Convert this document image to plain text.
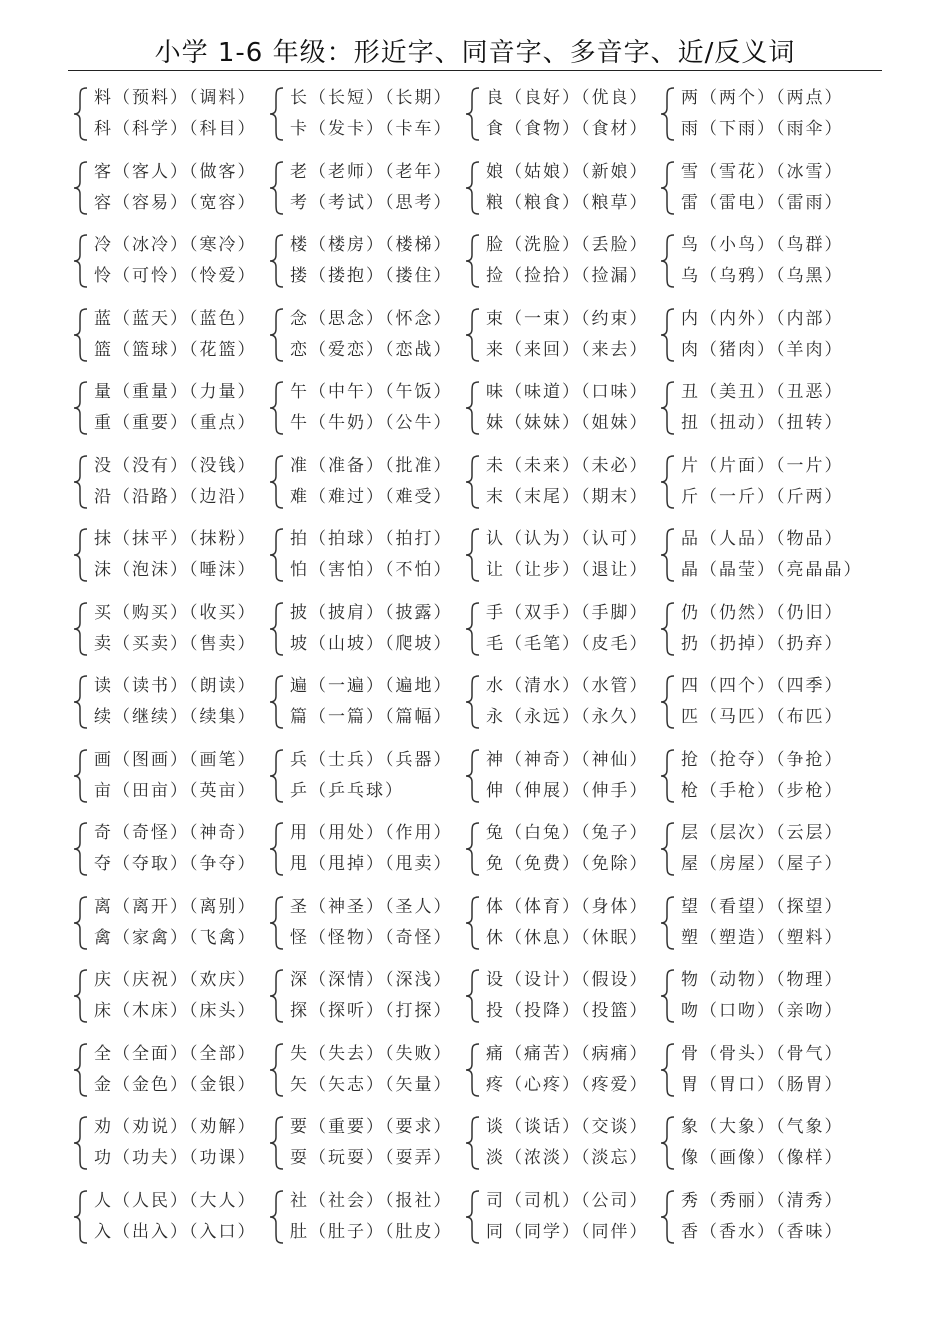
小学 1-6 年级：形近字、同音字、多音字、近/反义词
料（预料）（调料）
科（科学）（科目）
长（长短）（长期）
卡（发卡）（卡车）
良（良好）（优良）
食（食物）（食材）
两（两个）（两点）
雨（下雨）（雨伞）
客（客人）（做客）
容（容易）（宽容）
老（老师）（老年）
考（考试）（思考）
娘（姑娘）（新娘）
粮（粮食）（粮草）
雪（雪花）（冰雪）
雷（雷电）（雷雨）
冷（冰冷）（寒冷）
怜（可怜）（怜爱）
楼（楼房）（楼梯）
搂（搂抱）（搂住）
脸（洗脸）（丢脸）
捡（捡拾）（捡漏）
鸟（小鸟）（鸟群）
乌（乌鸦）（乌黑）
蓝（蓝天）（蓝色）
篮（篮球）（花篮）
念（思念）（怀念）
恋（爱恋）（恋战）
束（一束）（约束）
来（来回）（来去）
内（内外）（内部）
肉（猪肉）（羊肉）
量（重量）（力量）
重（重要）（重点）
午（中午）（午饭）
牛（牛奶）（公牛）
味（味道）（口味）
妹（妹妹）（姐妹）
丑（美丑）（丑恶）
扭（扭动）（扭转）
没（没有）（没钱）
沿（沿路）（边沿）
准（准备）（批准）
难（难过）（难受）
未（未来）（未必）
末（末尾）（期末）
片（片面）（一片）
斤（一斤）（斤两）
抹（抹平）（抹粉）
沫（泡沫）（唾沫）
拍（拍球）（拍打）
怕（害怕）（不怕）
认（认为）（认可）
让（让步）（退让）
品（人品）（物品）
晶（晶莹）（亮晶晶）
买（购买）（收买）
卖（买卖）（售卖）
披（披肩）（披露）
坡（山坡）（爬坡）
手（双手）（手脚）
毛（毛笔）（皮毛）
仍（仍然）（仍旧）
扔（扔掉）（扔弃）
读（读书）（朗读）
续（继续）（续集）
遍（一遍）（遍地）
篇（一篇）（篇幅）
水（清水）（水管）
永（永远）（永久）
四（四个）（四季）
匹（马匹）（布匹）
画（图画）（画笔）
亩（田亩）（英亩）
兵（士兵）（兵器）
乒（乒乓球）
神（神奇）（神仙）
伸（伸展）（伸手）
抢（抢夺）（争抢）
枪（手枪）（步枪）
奇（奇怪）（神奇）
夺（夺取）（争夺）
用（用处）（作用）
甩（甩掉）（甩卖）
兔（白兔）（兔子）
免（免费）（免除）
层（层次）（云层）
屋（房屋）（屋子）
离（离开）（离别）
禽（家禽）（飞禽）
圣（神圣）（圣人）
怪（怪物）（奇怪）
体（体育）（身体）
休（休息）（休眠）
望（看望）（探望）
塑（塑造）（塑料）
庆（庆祝）（欢庆）
床（木床）（床头）
深（深情）（深浅）
探（探听）（打探）
设（设计）（假设）
投（投降）（投篮）
物（动物）（物理）
吻（口吻）（亲吻）
全（全面）（全部）
金（金色）（金银）
失（失去）（失败）
矢（矢志）（矢量）
痛（痛苦）（病痛）
疼（心疼）（疼爱）
骨（骨头）（骨气）
胃（胃口）（肠胃）
劝（劝说）（劝解）
功（功夫）（功课）
要（重要）（要求）
耍（玩耍）（耍弄）
谈（谈话）（交谈）
淡（浓淡）（淡忘）
象（大象）（气象）
像（画像）（像样）
人（人民）（大人）
入（出入）（入口）
社（社会）（报社）
肚（肚子）（肚皮）
司（司机）（公司）
同（同学）（同伴）
秀（秀丽）（清秀）
香（香水）（香味）
